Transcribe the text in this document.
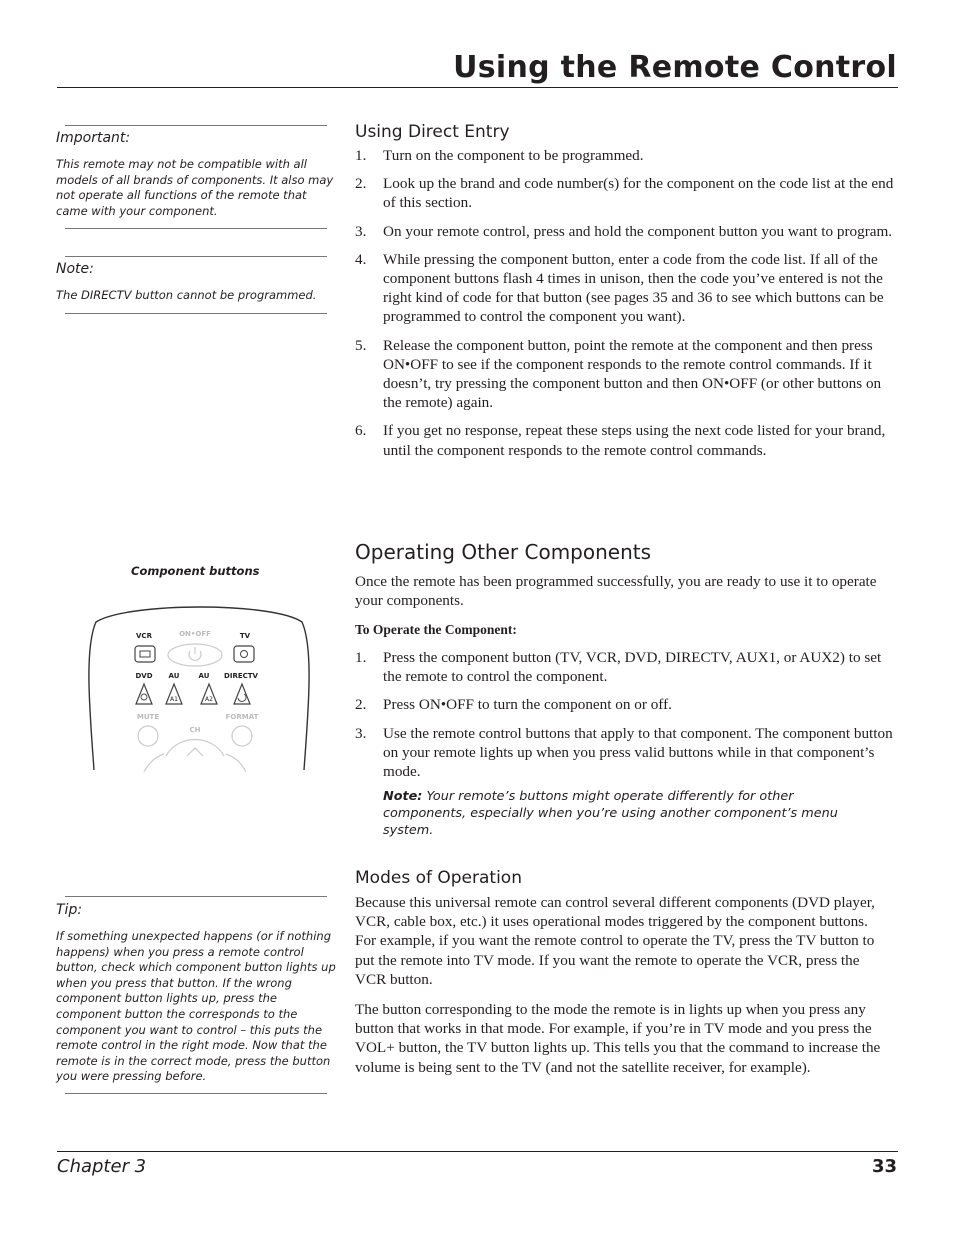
Using the Remote Control
Important:
This remote may not be compatible with all models of all brands of components. It also may not operate all functions of the remote that came with your component.
Note:
The DIRECTV button cannot be programmed.
Component buttons
VCR	ON•OFF	TV
DVD AU	AU DIRECTV
A1	A2
MUTE	FORMAT
CH
Tip:
If something unexpected happens (or if nothing happens) when you press a remote control button, check which component button lights up when you press that button. If the wrong component button lights up, press the component button the corresponds to the component you want to control – this puts the remote control in the right mode. Now that the remote is in the correct mode, press the button you were pressing before.
Using Direct Entry
1. Turn on the component to be programmed.
2. Look up the brand and code number(s) for the component on the code list at the end of this section.
3. On your remote control, press and hold the component button you want to program.
4. While pressing the component button, enter a code from the code list. If all of the component buttons flash 4 times in unison, then the code you’ve entered is not the right kind of code for that button (see pages 35 and 36 to see which buttons can be programmed to control the component you want).
5. Release the component button, point the remote at the component and then press ON•OFF to see if the component responds to the remote control commands. If it doesn’t, try pressing the component button and then ON•OFF (or other buttons on the remote) again.
6. If you get no response, repeat these steps using the next code listed for your brand, until the component responds to the remote control commands.
Operating Other Components
Once the remote has been programmed successfully, you are ready to use it to operate your components.
To Operate the Component:
1. Press the component button (TV, VCR, DVD, DIRECTV, AUX1, or AUX2) to set the remote to control the component.
2. Press ON•OFF to turn the component on or off.
3. Use the remote control buttons that apply to that component. The component button on your remote lights up when you press valid buttons while in that component’s mode.
Note: Your remote’s buttons might operate differently for other components, especially when you’re using another component’s menu system.
Modes of Operation
Because this universal remote can control several different components (DVD player, VCR, cable box, etc.) it uses operational modes triggered by the component buttons. For example, if you want the remote control to operate the TV, press the TV button to put the remote into TV mode. If you want the remote to operate the VCR, press the VCR button.
The button corresponding to the mode the remote is in lights up when you press any button that works in that mode. For example, if you’re in TV mode and you press the VOL+ button, the TV button lights up. This tells you that the command to increase the volume is being sent to the TV (and not the satellite receiver, for example).
Chapter 3	33
